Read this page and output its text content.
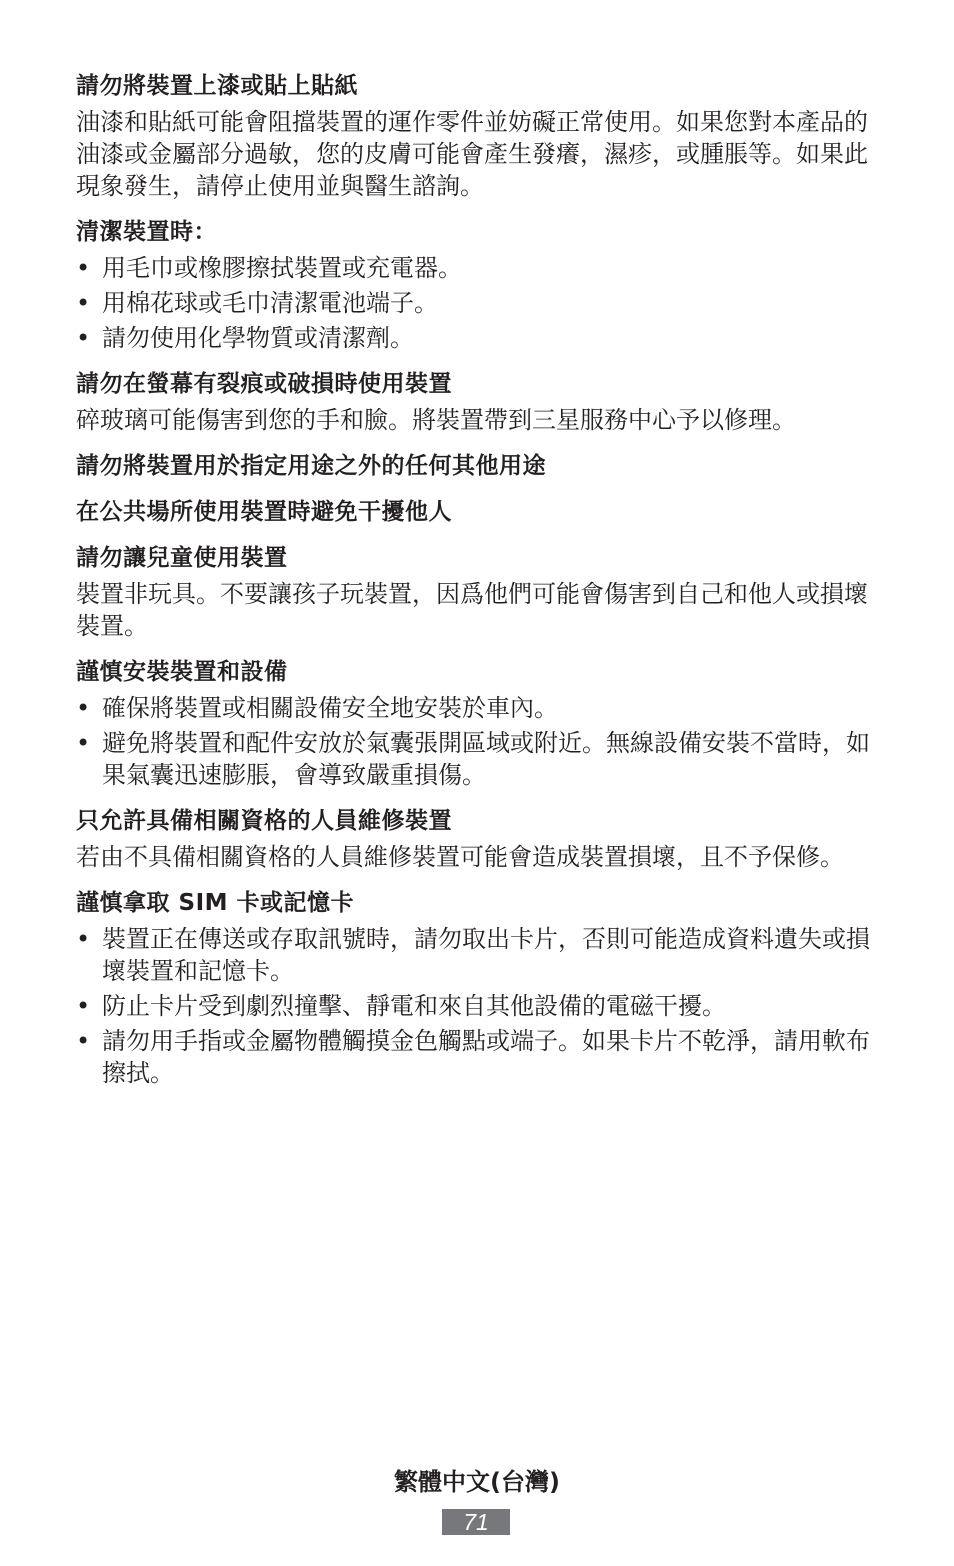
請勿將裝置上漆或貼上貼紙

油漆和貼紙可能會阻擋裝置的運作零件並妨礙正常使用。如果您對本產品的油漆或金屬部分過敏，您的皮膚可能會產生發癢，濕疹，或腫脹等。如果此現象發生，請停止使用並與醫生諮詢。

清潔裝置時：
• 用毛巾或橡膠擦拭裝置或充電器。
• 用棉花球或毛巾清潔電池端子。
• 請勿使用化學物質或清潔劑。
請勿在螢幕有裂痕或破損時使用裝置

碎玻璃可能傷害到您的手和臉。將裝置帶到三星服務中心予以修理。

請勿將裝置用於指定用途之外的任何其他用途
在公共場所使用裝置時避免干擾他人
請勿讓兒童使用裝置

裝置非玩具。不要讓孩子玩裝置，因爲他們可能會傷害到自己和他人或損壞裝置。

謹慎安裝裝置和設備
• 確保將裝置或相關設備安全地安裝於車內。
• 避免將裝置和配件安放於氣囊張開區域或附近。無線設備安裝不當時，如果氣囊迅速膨脹，會導致嚴重損傷。
只允許具備相關資格的人員維修裝置

若由不具備相關資格的人員維修裝置可能會造成裝置損壞，且不予保修。

謹慎拿取 SIM 卡或記憶卡
• 裝置正在傳送或存取訊號時，請勿取出卡片，否則可能造成資料遺失或損壞裝置和記憶卡。
• 防止卡片受到劇烈撞擊、靜電和來自其他設備的電磁干擾。
• 請勿用手指或金屬物體觸摸金色觸點或端子。如果卡片不乾淨，請用軟布擦拭。
繁體中文(台灣)
71
